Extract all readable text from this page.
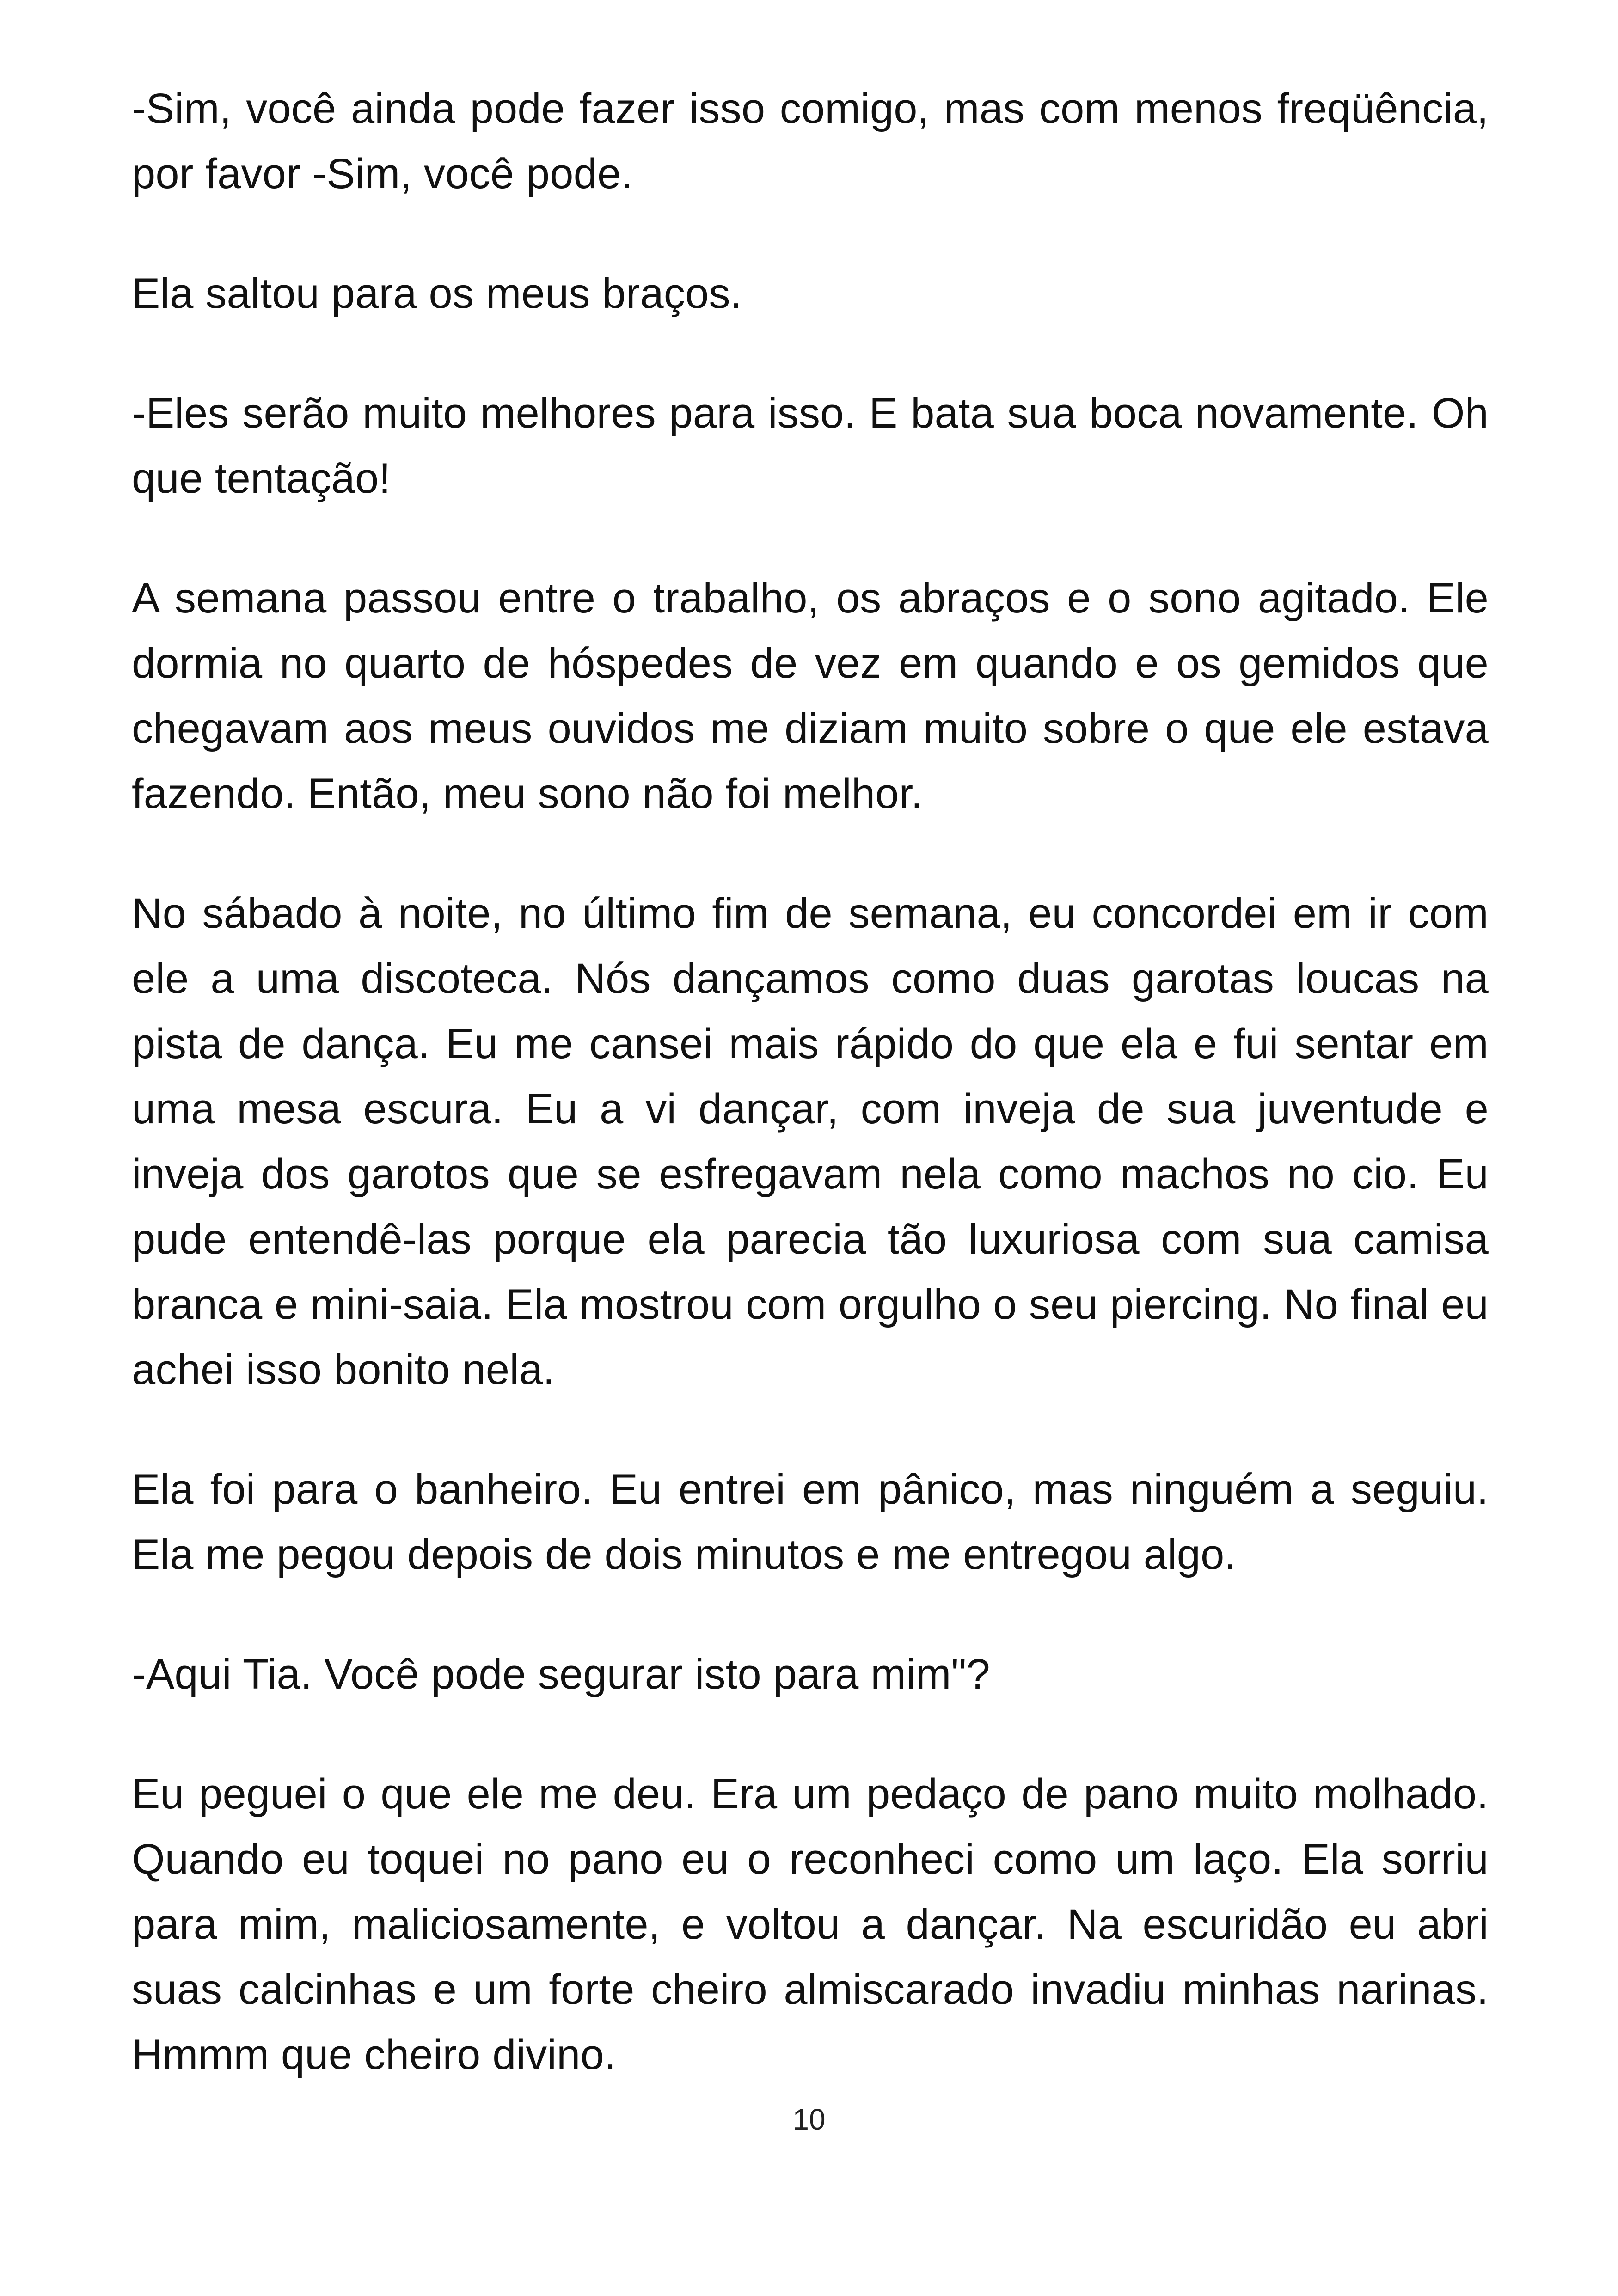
-Sim, você ainda pode fazer isso comigo, mas com menos freqüência, por favor -Sim, você pode.

Ela saltou para os meus braços.

-Eles serão muito melhores para isso. E bata sua boca novamente. Oh que tentação!

A semana passou entre o trabalho, os abraços e o sono agitado. Ele dormia no quarto de hóspedes de vez em quando e os gemidos que chegavam aos meus ouvidos me diziam muito sobre o que ele estava fazendo. Então, meu sono não foi melhor.

No sábado à noite, no último fim de semana, eu concordei em ir com ele a uma discoteca. Nós dançamos como duas garotas loucas na pista de dança. Eu me cansei mais rápido do que ela e fui sentar em uma mesa escura. Eu a vi dançar, com inveja de sua juventude e inveja dos garotos que se esfregavam nela como machos no cio. Eu pude entendê-las porque ela parecia tão luxuriosa com sua camisa branca e mini-saia. Ela mostrou com orgulho o seu piercing. No final eu achei isso bonito nela.

Ela foi para o banheiro. Eu entrei em pânico, mas ninguém a seguiu. Ela me pegou depois de dois minutos e me entregou algo.

-Aqui Tia. Você pode segurar isto para mim"?

Eu peguei o que ele me deu. Era um pedaço de pano muito molhado. Quando eu toquei no pano eu o reconheci como um laço. Ela sorriu para mim, maliciosamente, e voltou a dançar. Na escuridão eu abri suas calcinhas e um forte cheiro almiscarado invadiu minhas narinas. Hmmm que cheiro divino.

10
